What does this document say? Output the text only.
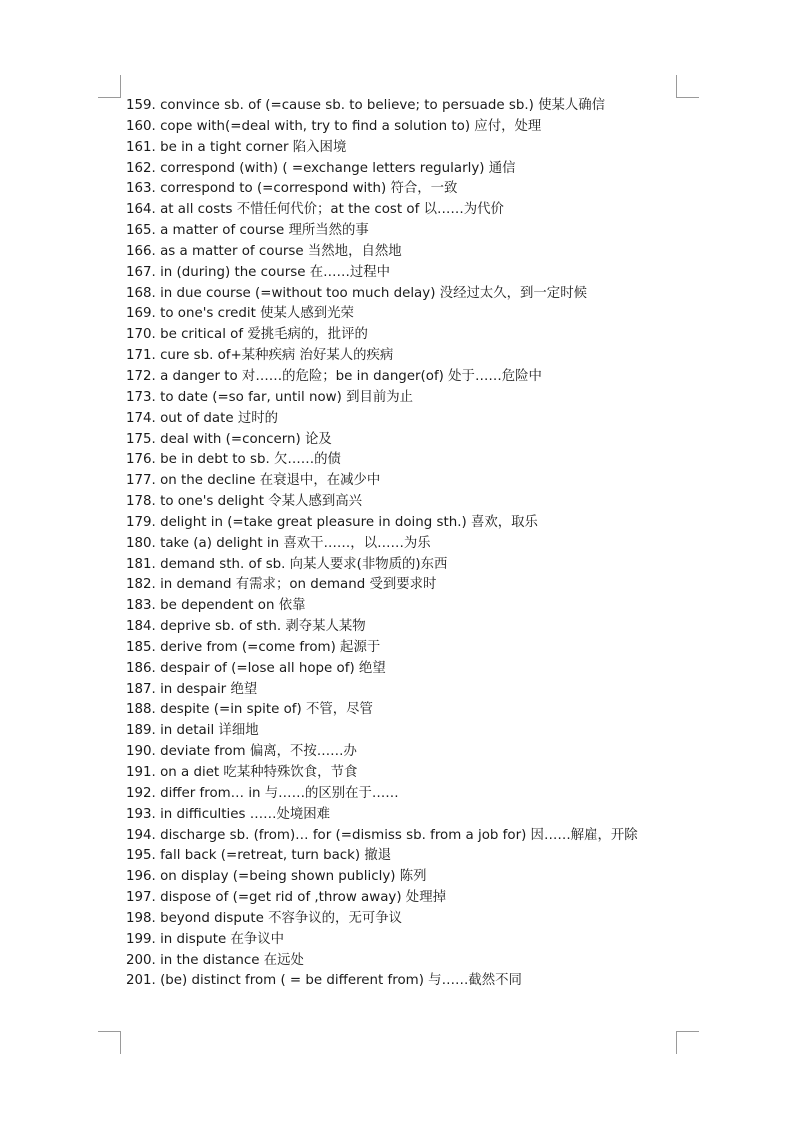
159. convince sb. of (=cause sb. to believe; to persuade sb.) 使某人确信
160. cope with(=deal with, try to find a solution to) 应付，处理
161. be in a tight corner 陷入困境
162. correspond (with) ( =exchange letters regularly) 通信
163. correspond to (=correspond with) 符合，一致
164. at all costs 不惜任何代价；at the cost of 以……为代价
165. a matter of course 理所当然的事
166. as a matter of course 当然地，自然地
167. in (during) the course 在……过程中
168. in due course (=without too much delay) 没经过太久，到一定时候
169. to one's credit 使某人感到光荣
170. be critical of 爱挑毛病的，批评的
171. cure sb. of+某种疾病 治好某人的疾病
172. a danger to 对……的危险；be in danger(of) 处于……危险中
173. to date (=so far, until now) 到目前为止
174. out of date 过时的
175. deal with (=concern) 论及
176. be in debt to sb. 欠……的债
177. on the decline 在衰退中，在减少中
178. to one's delight 令某人感到高兴
179. delight in (=take great pleasure in doing sth.) 喜欢，取乐
180. take (a) delight in 喜欢干……，以……为乐
181. demand sth. of sb. 向某人要求(非物质的)东西
182. in demand 有需求；on demand 受到要求时
183. be dependent on 依靠
184. deprive sb. of sth. 剥夺某人某物
185. derive from (=come from) 起源于
186. despair of (=lose all hope of) 绝望
187. in despair 绝望
188. despite (=in spite of) 不管，尽管
189. in detail 详细地
190. deviate from 偏离，不按……办
191. on a diet 吃某种特殊饮食，节食
192. differ from… in 与……的区别在于……
193. in difficulties ……处境困难
194. discharge sb. (from)… for (=dismiss sb. from a job for) 因……解雇，开除
195. fall back (=retreat, turn back) 撤退
196. on display (=being shown publicly) 陈列
197. dispose of (=get rid of ,throw away) 处理掉
198. beyond dispute 不容争议的，无可争议
199. in dispute 在争议中
200. in the distance 在远处
201. (be) distinct from ( = be different from) 与……截然不同
